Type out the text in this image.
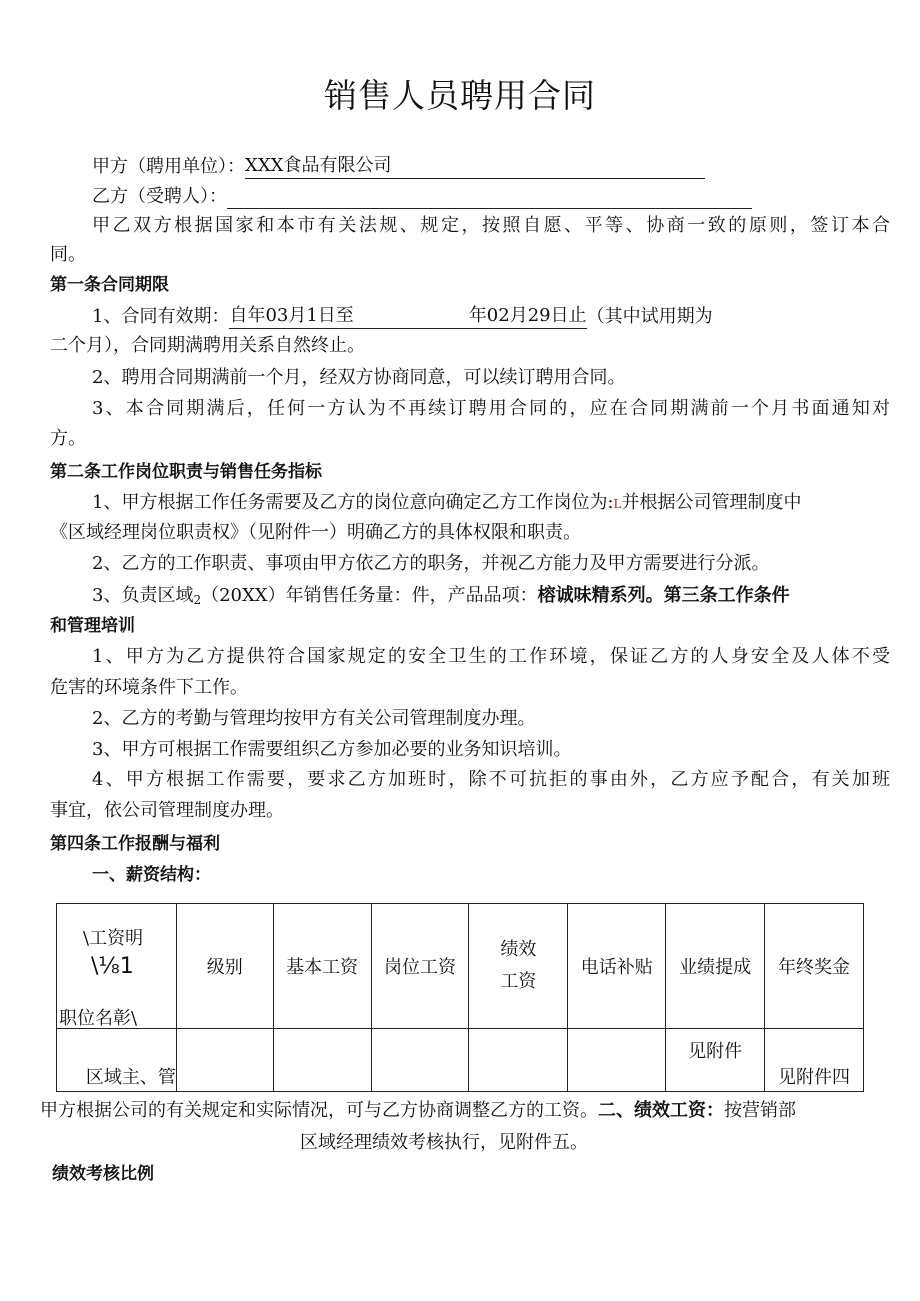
销售人员聘用合同
甲方（聘用单位）：XXX食品有限公司
乙方（受聘人）：
甲乙双方根据国家和本市有关法规、规定，按照自愿、平等、协商一致的原则，签订本合
同。
第一条合同期限
1、合同有效期：自年03月1日至	年02月29日止（其中试用期为
二个月），合同期满聘用关系自然终止。
2、聘用合同期满前一个月，经双方协商同意，可以续订聘用合同。
3、本合同期满后，任何一方认为不再续订聘用合同的，应在合同期满前一个月书面通知对
方。
第二条工作岗位职责与销售任务指标
1、甲方根据工作任务需要及乙方的岗位意向确定乙方工作岗位为:L并根据公司管理制度中
《区域经理岗位职责权》（见附件一）明确乙方的具体权限和职责。
2、乙方的工作职责、事项由甲方依乙方的职务，并视乙方能力及甲方需要进行分派。
3、负责区域$_2$（20XX）年销售任务量：件，产品品项：榕诚味精系列。第三条工作条件
和管理培训
1、甲方为乙方提供符合国家规定的安全卫生的工作环境，保证乙方的人身安全及人体不受
危害的环境条件下工作。
2、乙方的考勤与管理均按甲方有关公司管理制度办理。
3、甲方可根据工作需要组织乙方参加必要的业务知识培训。
4、甲方根据工作需要，要求乙方加班时，除不可抗拒的事由外，乙方应予配合，有关加班
事宜，依公司管理制度办理。
第四条工作报酬与福利
一、薪资结构：
\工资明
\⅛1
职位名彰\	级别	基本工资	岗位工资	绩效
工资	电话补贴	业绩提成	年终奖金
区域主、管						见附件	见附件四
甲方根据公司的有关规定和实际情况，可与乙方协商调整乙方的工资。二、绩效工资：按营销部
区域经理绩效考核执行，见附件五。
绩效考核比例
